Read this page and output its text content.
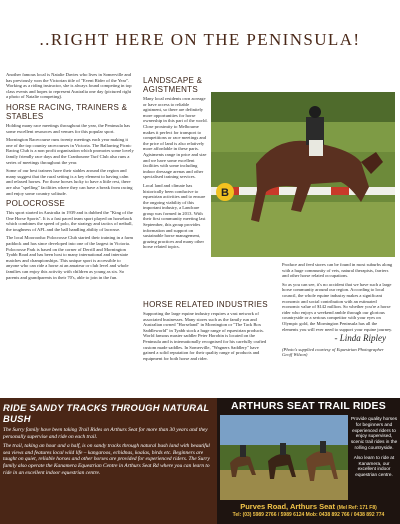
..RIGHT HERE ON THE PENINSULA!

Another famous local is Natalie Davies who lives in Somerville and has previously won the Victorian title of "Event Rider of the Year". Working as a riding instructor, she is always found competing in top class events and hopes to represent Australia one day (pictured right a photo of Natalie competing).

HORSE RACING, TRAINERS & STABLES

Holding many race meetings throughout the year, the Peninsula has some excellent resources and venues for this popular sport.

Mornington Racecourse runs twenty meetings each year making it one of the top country racecourses in Victoria. The Ballarring Picnic Racing Club is a non profit organisation which promotes some lovely family friendly race days and the Cranbourne Turf Club also runs a series of meetings throughout the year.

Some of our best trainers have their stables around the region and many suggest that the rural setting is a key element to having calm and relaxed horses. For those horses lucky to have a little rest, there are also "spelling" facilities where they can have a break from racing and enjoy some country solitude.

POLOCROSSE

This sport started in Australia in 1939 and is dubbed the "King of the One Horse Sports". It is a fast paced team sport played on horseback which combines the speed of polo, the strategy and tactics of netball, the toughness of AFL and the ball handling ability of lacrosse.

The local Moorooduc Polocrosse Club started their training in a farm paddock and has since developed into one of the largest in Victoria. Polocrosse Park is based on the corner of Derrill and Mornington Tyabb Road and has been host to many international and interstate matches and championships. This unique sport is accessible to anyone who can ride a horse at an amateur or club level and whole families can enjoy this activity with children as young as six. So parents and grandparents in their 70's, able to join in the fun.

LANDSCAPE & AGISTMENTS

Many local residents own acreage or have access to reliable agistment, so there are definitely more opportunities for horse ownership in this part of the world. Close proximity to Melbourne makes it perfect for transport to competitions or race meetings and the price of land is also relatively more affordable in these parts. Agistments range in price and size and we have some excellent facilities with some including indoor dressage arenas and other specialised training services.

Local land and climate has historically been conducive to equestrian activities and to ensure the ongoing viability of this important industry, a Landcare group was formed in 2013. With their first community meeting last September, this group provides information and support on sustainable horse management, grazing practices and many other horse related topics.

HORSE RELATED INDUSTRIES

Supporting the large equine industry requires a vast network of associated businesses. Many stores such as the family run and Australian owned "Horseland" in Mornington or "The Tack Box Saddleworld" in Tyabb stock a huge range of equestrian products. World famous master saddler Peter Horobin is located on the Peninsula and is internationally recognised for his carefully crafted custom made saddles. In Somerville, "Wagners Saddlery" have gained a solid reputation for their quality range of products and equipment for both horse and rider.

B

Produce and feed stores can be found in most suburbs along with a huge community of vets, natural therapists, farriers and other horse related occupations.

So as you can see, it's no accident that we have such a large horse community around our region. According to local council, the whole equine industry makes a significant economic and social contribution with an estimated economic value of $142 million. So whether you're a horse rider who enjoys a weekend amble through our glorious countryside or a serious competitor with your eyes on Olympic gold, the Mornington Peninsula has all the elements you will ever need to support your equine journey.

- Linda Ripley

(Photo's supplied courtesy of Equestrian Photographer Geoff Wilson)

RIDE SANDY TRACKS THROUGH NATURAL BUSH

The Surry family have been taking Trail Rides on Arthurs Seat for more than 30 years and they personally supervise and ride on each trail.

The trail, taking an hour and a half, is on sandy tracks through natural bush land with beautiful sea views and features local wild life – kangaroos, echidnas, koalas, birds etc. Beginners are taught on quiet, reliable horses and other horses are provided for experienced riders. The Surry family also operate the Kanamera Equestrian Centre in Arthurs Seat Rd where you can learn to ride in an excellent indoor equestrian centre.

ARTHURS SEAT TRAIL RIDES

Provide quality horses for beginners and experienced riders to enjoy supervised, scenic trail rides in the rolling countryside.

Also learn to ride at Kanamera, our excellent indoor equestrian centre.

Purves Road, Arthurs Seat (Mel Ref: 171 F8)
Tel: (03) 5989 2766 / 5989 6124 Mob: 0438 892 766 / 0438 892 774
